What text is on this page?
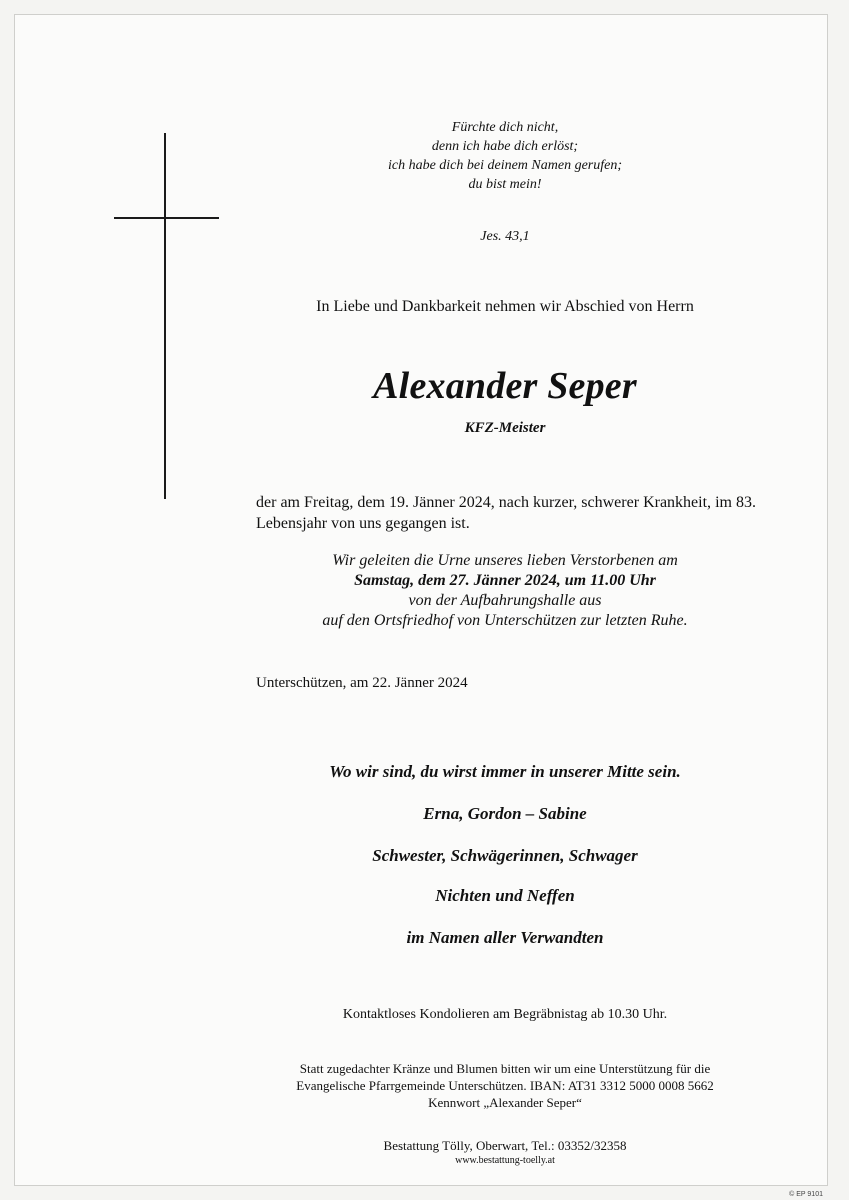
Fürchte dich nicht,
denn ich habe dich erlöst;
ich habe dich bei deinem Namen gerufen;
du bist mein!
Jes. 43,1
In Liebe und Dankbarkeit nehmen wir Abschied von Herrn
Alexander Seper
KFZ-Meister
der am Freitag, dem 19. Jänner 2024, nach kurzer, schwerer Krankheit, im 83. Lebensjahr von uns gegangen ist.
Wir geleiten die Urne unseres lieben Verstorbenen am
Samstag, dem 27. Jänner 2024, um 11.00 Uhr
von der Aufbahrungshalle aus
auf den Ortsfriedhof von Unterschützen zur letzten Ruhe.
Unterschützen, am 22. Jänner 2024
Wo wir sind, du wirst immer in unserer Mitte sein.
Erna, Gordon – Sabine
Schwester, Schwägerinnen, Schwager
Nichten und Neffen
im Namen aller Verwandten
Kontaktloses Kondolieren am Begräbnistag ab 10.30 Uhr.
Statt zugedachter Kränze und Blumen bitten wir um eine Unterstützung für die
Evangelische Pfarrgemeinde Unterschützen. IBAN: AT31 3312 5000 0008 5662
Kennwort „Alexander Seper“
Bestattung Tölly, Oberwart, Tel.: 03352/32358
www.bestattung-toelly.at
© EP 9101
